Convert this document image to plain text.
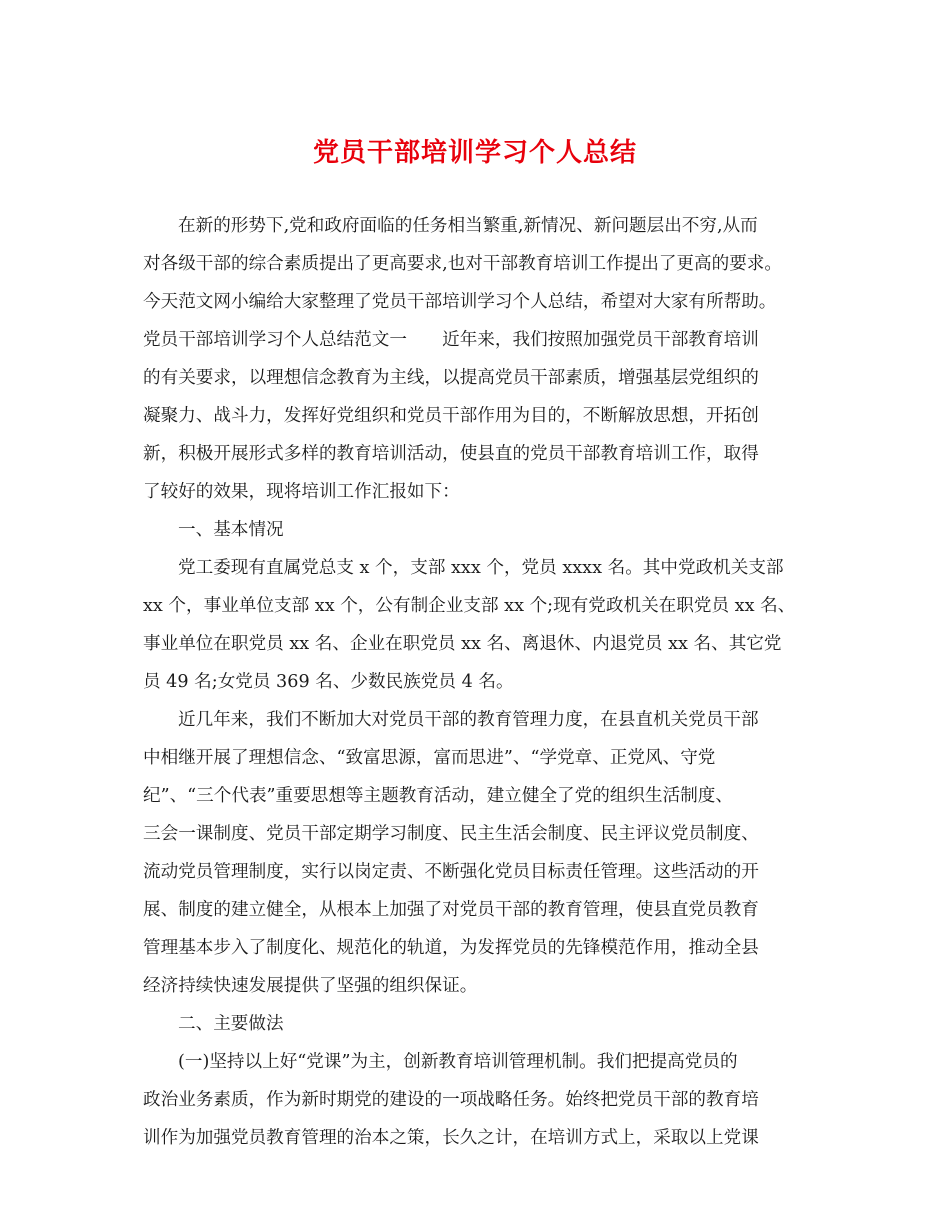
党员干部培训学习个人总结
在新的形势下,党和政府面临的任务相当繁重,新情况、新问题层出不穷,从而
对各级干部的综合素质提出了更高要求,也对干部教育培训工作提出了更高的要求。
今天范文网小编给大家整理了党员干部培训学习个人总结，希望对大家有所帮助。
党员干部培训学习个人总结范文一　　近年来，我们按照加强党员干部教育培训
的有关要求，以理想信念教育为主线，以提高党员干部素质，增强基层党组织的
凝聚力、战斗力，发挥好党组织和党员干部作用为目的，不断解放思想，开拓创
新，积极开展形式多样的教育培训活动，使县直的党员干部教育培训工作，取得
了较好的效果，现将培训工作汇报如下：
一、基本情况
党工委现有直属党总支 x 个，支部 xxx 个，党员 xxxx 名。其中党政机关支部
xx 个，事业单位支部 xx 个，公有制企业支部 xx 个;现有党政机关在职党员 xx 名、
事业单位在职党员 xx 名、企业在职党员 xx 名、离退休、内退党员 xx 名、其它党
员 49 名;女党员 369 名、少数民族党员 4 名。
近几年来，我们不断加大对党员干部的教育管理力度，在县直机关党员干部
中相继开展了理想信念、“致富思源，富而思进”、“学党章、正党风、守党
纪”、“三个代表”重要思想等主题教育活动，建立健全了党的组织生活制度、
三会一课制度、党员干部定期学习制度、民主生活会制度、民主评议党员制度、
流动党员管理制度，实行以岗定责、不断强化党员目标责任管理。这些活动的开
展、制度的建立健全，从根本上加强了对党员干部的教育管理，使县直党员教育
管理基本步入了制度化、规范化的轨道，为发挥党员的先锋模范作用，推动全县
经济持续快速发展提供了坚强的组织保证。
二、主要做法
(一)坚持以上好“党课”为主，创新教育培训管理机制。我们把提高党员的
政治业务素质，作为新时期党的建设的一项战略任务。始终把党员干部的教育培
训作为加强党员教育管理的治本之策，长久之计，在培训方式上，采取以上党课
